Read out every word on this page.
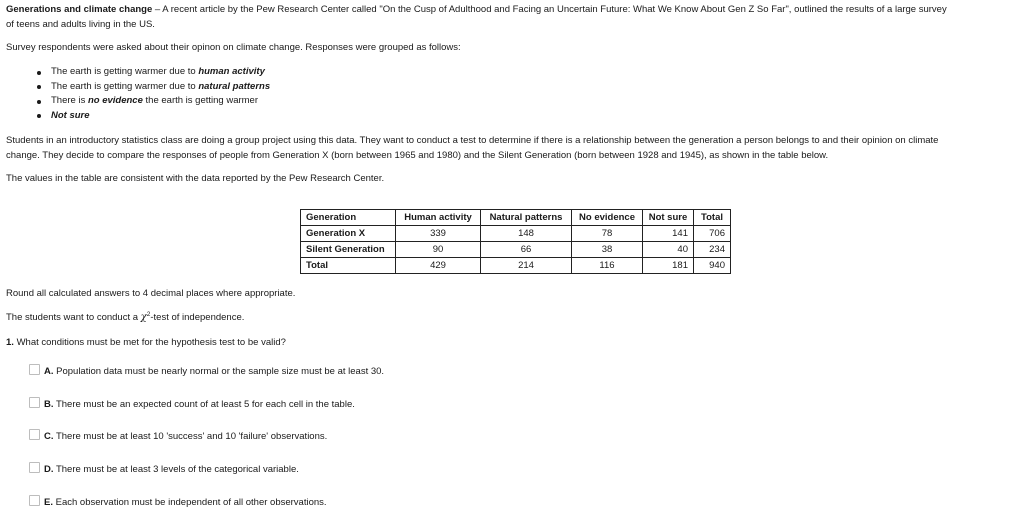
Generations and climate change – A recent article by the Pew Research Center called "On the Cusp of Adulthood and Facing an Uncertain Future: What We Know About Gen Z So Far", outlined the results of a large survey
of teens and adults living in the US.
Survey respondents were asked about their opinon on climate change. Responses were grouped as follows:
The earth is getting warmer due to human activity
The earth is getting warmer due to natural patterns
There is no evidence the earth is getting warmer
Not sure
Students in an introductory statistics class are doing a group project using this data. They want to conduct a test to determine if there is a relationship between the generation a person belongs to and their opinion on climate
change. They decide to compare the responses of people from Generation X (born between 1965 and 1980) and the Silent Generation (born between 1928 and 1945), as shown in the table below.
The values in the table are consistent with the data reported by the Pew Research Center.
Generation	Human activity	Natural patterns	No evidence	Not sure	Total
Generation X	339	148	78	141	706
Silent Generation	90	66	38	40	234
Total	429	214	116	181	940
Round all calculated answers to 4 decimal places where appropriate.
The students want to conduct a $\chi^2$-test of independence.
1. What conditions must be met for the hypothesis test to be valid?
A. Population data must be nearly normal or the sample size must be at least 30.
B. There must be an expected count of at least 5 for each cell in the table.
C. There must be at least 10 'success' and 10 'failure' observations.
D. There must be at least 3 levels of the categorical variable.
E. Each observation must be independent of all other observations.
